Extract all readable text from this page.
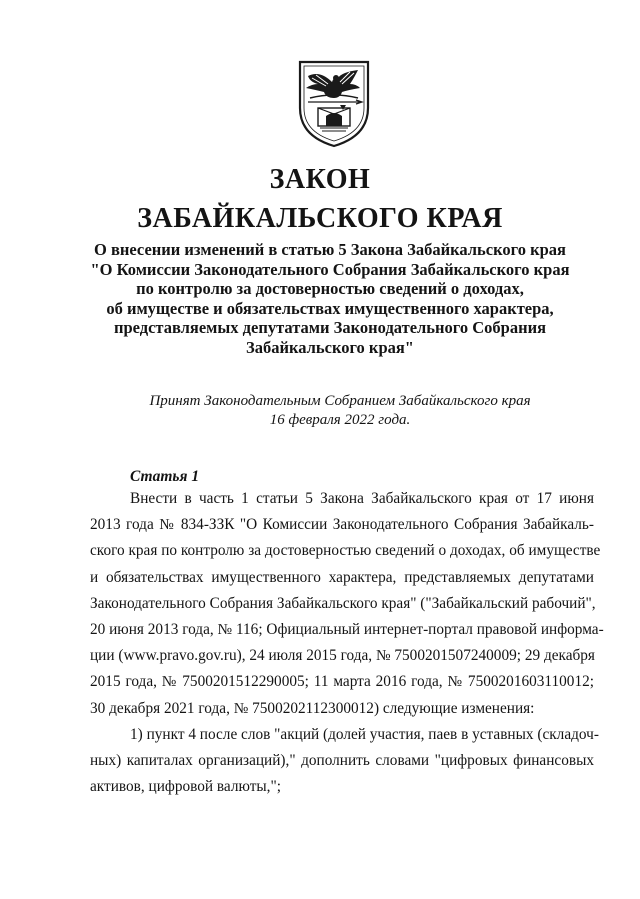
ЗАКОН
ЗАБАЙКАЛЬСКОГО КРАЯ
О внесении изменений в статью 5 Закона Забайкальского края
"О Комиссии Законодательного Собрания Забайкальского края
по контролю за достоверностью сведений о доходах,
об имуществе и обязательствах имущественного характера,
представляемых депутатами Законодательного Собрания
Забайкальского края"
Принят Законодательным Собранием Забайкальского края
16 февраля 2022 года.
Статья 1
Внести в часть 1 статьи 5 Закона Забайкальского края от 17 июня
2013 года № 834-ЗЗК "О Комиссии Законодательного Собрания Забайкаль-
ского края по контролю за достоверностью сведений о доходах, об имуществе
и обязательствах имущественного характера, представляемых депутатами
Законодательного Собрания Забайкальского края" ("Забайкальский рабочий",
20 июня 2013 года, № 116; Официальный интернет-портал правовой информа-
ции (www.pravo.gov.ru), 24 июля 2015 года, № 7500201507240009; 29 декабря
2015 года, № 7500201512290005; 11 марта 2016 года, № 7500201603110012;
30 декабря 2021 года, № 7500202112300012) следующие изменения:
1) пункт 4 после слов "акций (долей участия, паев в уставных (складоч-
ных) капиталах организаций)," дополнить словами "цифровых финансовых
активов, цифровой валюты,";
